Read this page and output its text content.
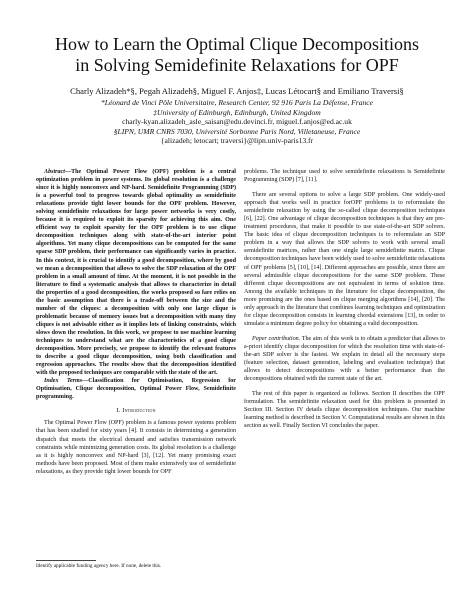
How to Learn the Optimal Clique Decompositions
in Solving Semidefinite Relaxations for OPF
Charly Alizadeh*§, Pegah Alizadeh§, Miguel F. Anjos‡, Lucas Létocart§ and Emiliano Traversi§
*Léonard de Vinci Pôle Universitaire, Research Center, 92 916 Paris La Défense, France
‡University of Edinburgh, Edinburgh, United Kingdom
charly-kyan.alizadeh_asle_saisan@edu.devinci.fr, miguel.f.anjos@ed.ac.uk
§LIPN, UMR CNRS 7030, Université Sorbonne Paris Nord, Villetaneuse, France
{alizadeh; letocart; traversi}@lipn.univ-paris13.fr

Abstract—The Optimal Power Flow (OPF) problem is a central optimization problem in power systems. Its global resolution is a challenge since it is highly nonconvex and NP-hard. Semidefinite Programming (SDP) is a powerful tool to progress towards global optimality as semidefinite relaxations provide tight lower bounds for the OPF problem. However, solving semidefinite relaxations for large power networks is very costly, because it is required to exploit its sparsity for achieving this aim. One efficient way to exploit sparsity for the OPF problem is to use clique decomposition techniques along with state-of-the-art interior point algorithms. Yet many clique decompositions can be computed for the same sparse SDP problem, their performance can significantly varies in practice. In this context, it is crucial to identify a good decomposition, where by good we mean a decomposition that allows to solve the SDP relaxation of the OPF problem in a small amount of time. At the moment, it is not possible in the literature to find a systematic analysis that allows to characterize in detail the properties of a good decomposition, the works proposed so fare relies on the basic assumption that there is a trade-off between the size and the number of the cliques: a decomposition with only one large clique is problematic because of memory issues but a decomposition with many tiny cliques is not advisable either as it implies lots of linking constraints, which slows down the resolution. In this work, we propose to use machine learning techniques to understand what are the characteristics of a good clique decomposition. More precisely, we propose to identify the relevant features to describe a good clique decomposition, using both classification and regression approaches. The results show that the decomposition identified with the proposed techniques are comparable with the state of the art.

Index Terms—Classification for Optimisation, Regression for Optimisation, Clique decomposition, Optimal Power Flow, Semidefinite programming.

I. Introduction

The Optimal Power Flow (OPF) problem is a famous power systems problem that has been studied for sixty years [4]. It consists in determining a generation dispatch that meets the electrical demand and satisfies transmission network constraints while minimizing generation costs. Its global resolution is a challenge as it is highly nonconvex and NP-hard [3], [12]. Yet many promising exact methods have been proposed. Most of them make extensively use of semidefinite relaxations, as they provide tight lower bounds for OPF

Identify applicable funding agency here. If none, delete this.

problems. The technique used to solve semidefinite relaxations is Semidefinite Programming (SDP) [7], [11].

There are several options to solve a large SDP problem. One widely-used approach that works well in practice forOPF problems is to reformulate the semidefinite relaxation by using the so-called clique decomposition techniques [6], [22]. One advantage of clique decomposition techniques is that they are pre-treatment procedures, that make it possible to use state-of-the-art SDP solvers. The basic idea of clique decomposition techniques is to reformulate an SDP problem in a way that allows the SDP solvers to work with several small semidefinite matrices, rather than one single large semidefinite matrix. Clique decomposition techniques have been widely used to solve semidefinite relaxations of OPF problems [5], [10], [14]. Different approaches are possible, since there are several admissible clique decompositions for the same SDP problem. These different clique decompositions are not equivalent in terms of solution time. Among the available techniques in the literature for clique decomposition, the more promising are the ones based on clique merging algorithms [14], [20]. The only approach in the literature that combines learning techniques and optimization for clique decomposition consists in learning chordal extensions [13], in order to simulate a minimum degree policy for obtaining a valid decomposition.

Paper contribution. The aim of this work is to obtain a predictor that allows to a-priori identify clique decomposition for which the resolution time with state-of-the-art SDP solver is the fastest. We explain in detail all the necessary steps (feature selection, dataset generation, labeling and evaluation technique) that allows to detect decompositions with a better performance than the decompositions obtained with the current state of the art.

The rest of this paper is organized as follows. Section II describes the OPF formulation. The semidefinite relaxation used for this problem is presented in Section III. Section IV details clique decomposition techniques. Our machine learning method is described in Section V. Computational results are shown in this section as well. Finally Section VI concludes the paper.
